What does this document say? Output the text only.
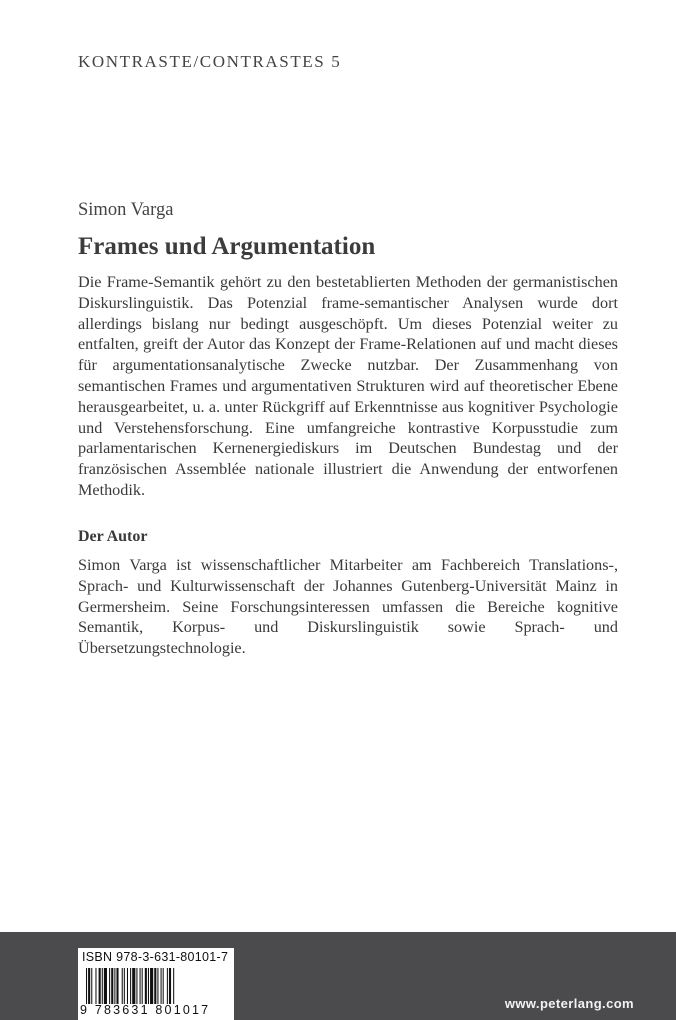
KONTRASTE/CONTRASTES 5
Simon Varga
Frames und Argumentation
Die Frame-Semantik gehört zu den bestetablierten Methoden der germanistischen Diskurslinguistik. Das Potenzial frame-semantischer Analysen wurde dort allerdings bislang nur bedingt ausgeschöpft. Um dieses Potenzial weiter zu entfalten, greift der Autor das Konzept der Frame-Relationen auf und macht dieses für argumentationsanalytische Zwecke nutzbar. Der Zusammenhang von semantischen Frames und argumentativen Strukturen wird auf theoretischer Ebene herausgearbeitet, u. a. unter Rückgriff auf Erkenntnisse aus kognitiver Psychologie und Verstehensforschung. Eine umfangreiche kontrastive Korpusstudie zum parlamentarischen Kernenergiediskurs im Deutschen Bundestag und der französischen Assemblée nationale illustriert die Anwendung der entworfenen Methodik.
Der Autor
Simon Varga ist wissenschaftlicher Mitarbeiter am Fachbereich Translations-, Sprach- und Kulturwissenschaft der Johannes Gutenberg-Universität Mainz in Germersheim. Seine Forschungsinteressen umfassen die Bereiche kognitive Semantik, Korpus- und Diskurslinguistik sowie Sprach- und Übersetzungstechnologie.
ISBN 978-3-631-80101-7
9 783631 801017	www.peterlang.com
